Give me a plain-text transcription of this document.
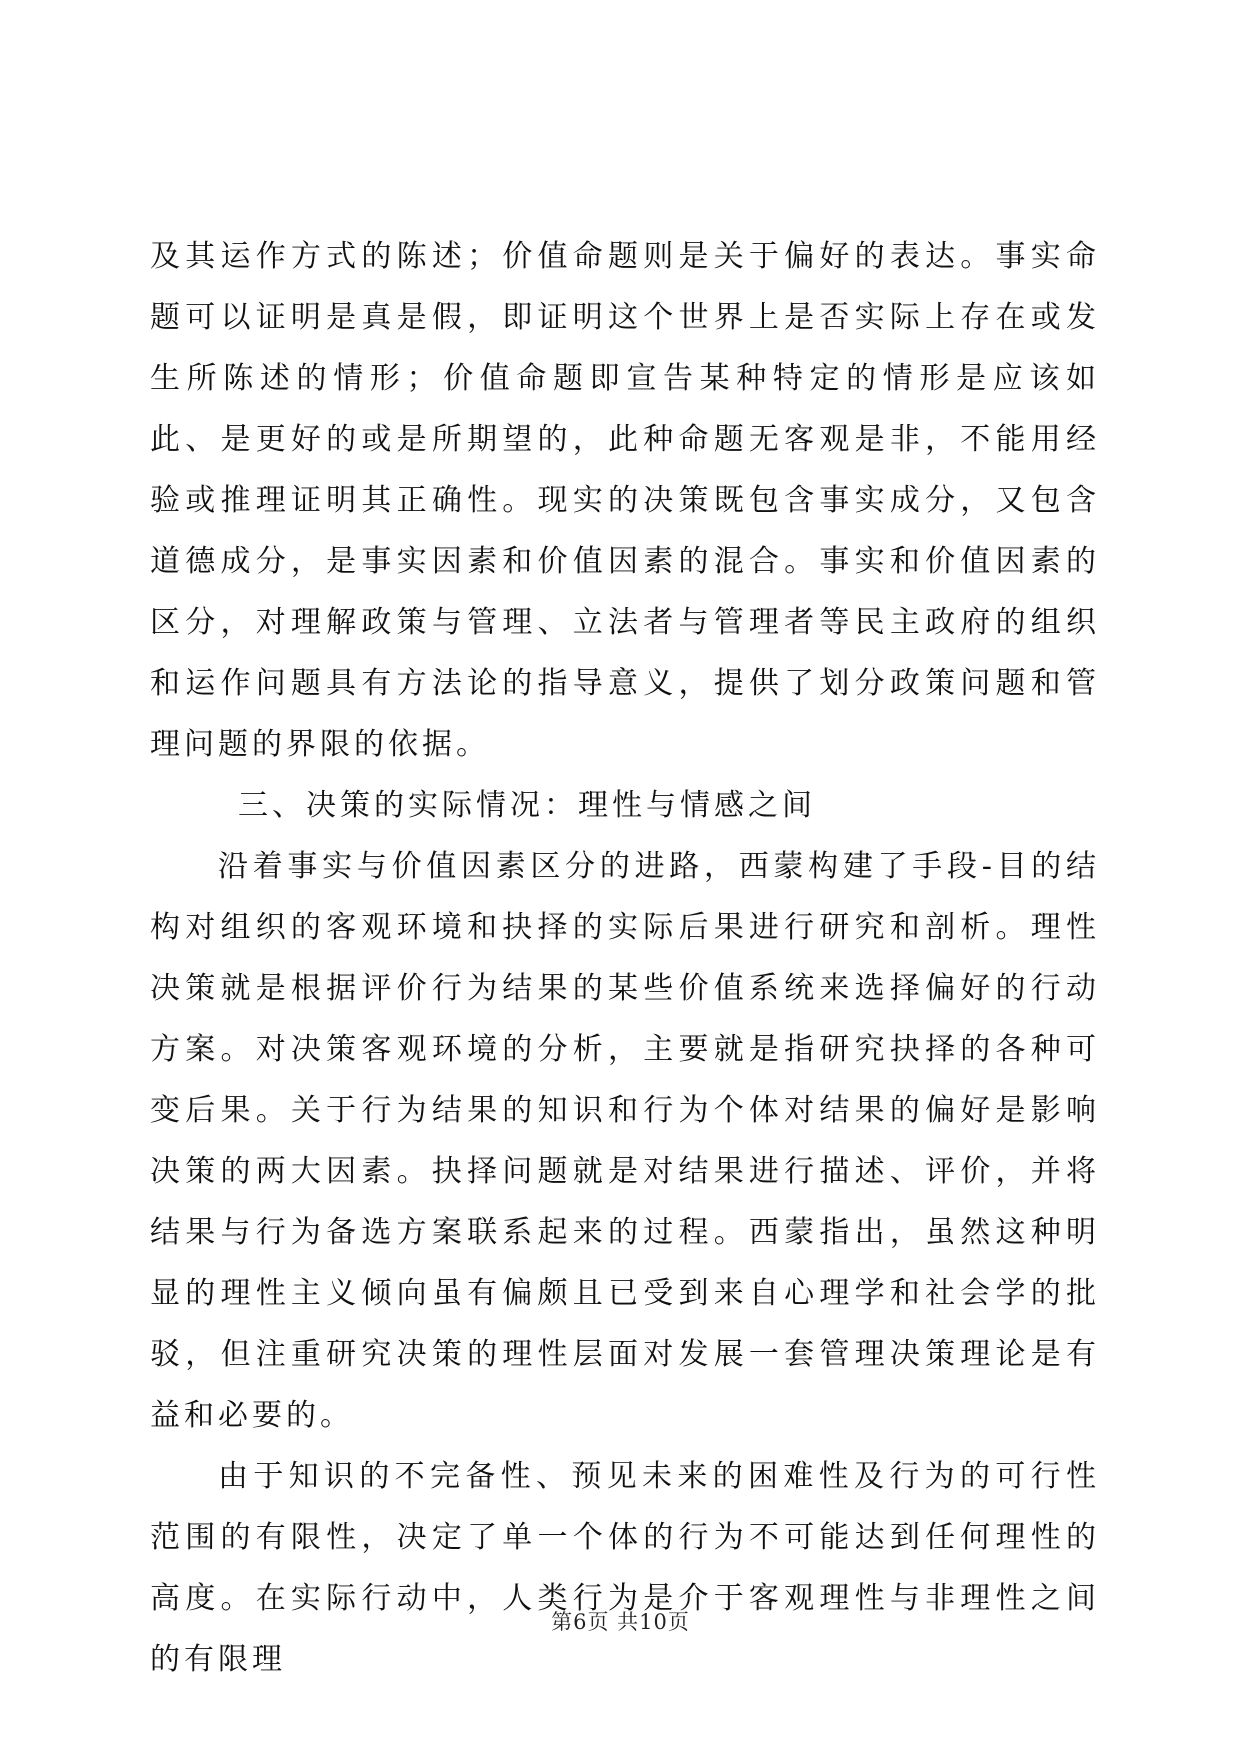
及其运作方式的陈述；价值命题则是关于偏好的表达。事实命题可以证明是真是假，即证明这个世界上是否实际上存在或发生所陈述的情形；价值命题即宣告某种特定的情形是应该如此、是更好的或是所期望的，此种命题无客观是非，不能用经验或推理证明其正确性。现实的决策既包含事实成分，又包含道德成分，是事实因素和价值因素的混合。事实和价值因素的区分，对理解政策与管理、立法者与管理者等民主政府的组织和运作问题具有方法论的指导意义，提供了划分政策问题和管理问题的界限的依据。

三、决策的实际情况：理性与情感之间

沿着事实与价值因素区分的进路，西蒙构建了手段-目的结构对组织的客观环境和抉择的实际后果进行研究和剖析。理性决策就是根据评价行为结果的某些价值系统来选择偏好的行动方案。对决策客观环境的分析，主要就是指研究抉择的各种可变后果。关于行为结果的知识和行为个体对结果的偏好是影响决策的两大因素。抉择问题就是对结果进行描述、评价，并将结果与行为备选方案联系起来的过程。西蒙指出，虽然这种明显的理性主义倾向虽有偏颇且已受到来自心理学和社会学的批驳，但注重研究决策的理性层面对发展一套管理决策理论是有益和必要的。

由于知识的不完备性、预见未来的困难性及行为的可行性范围的有限性，决定了单一个体的行为不可能达到任何理性的高度。在实际行动中，人类行为是介于客观理性与非理性之间的有限理

第6页 共10页
